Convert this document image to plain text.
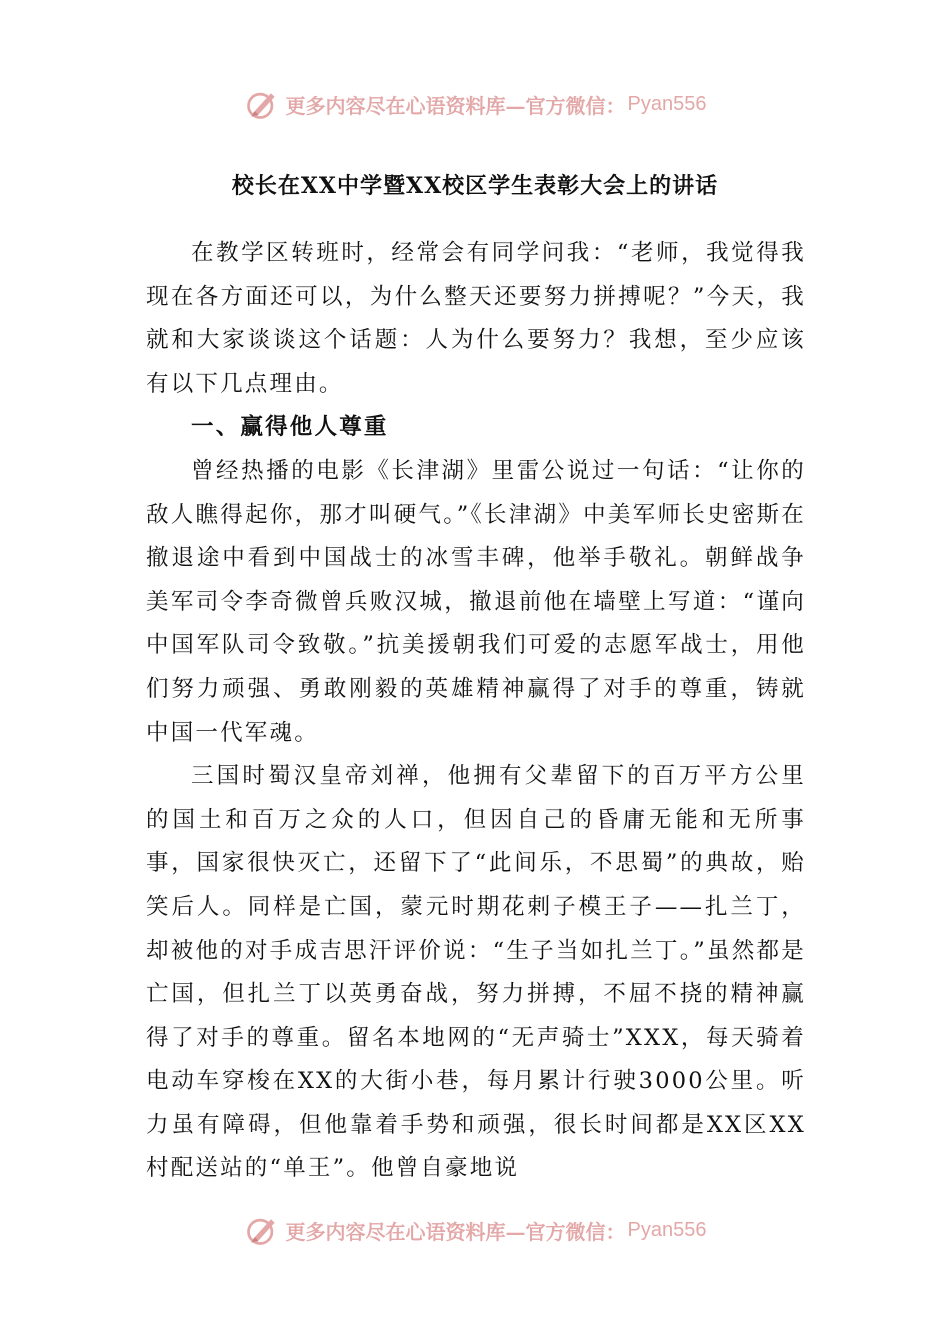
更多内容尽在心语资料库—官方微信： Pyan556
校长在XX中学暨XX校区学生表彰大会上的讲话

在教学区转班时，经常会有同学问我：“老师，我觉得我现在各方面还可以，为什么整天还要努力拼搏呢？”今天，我就和大家谈谈这个话题：人为什么要努力？我想，至少应该有以下几点理由。

一、赢得他人尊重

曾经热播的电影《长津湖》里雷公说过一句话：“让你的敌人瞧得起你，那才叫硬气。”《长津湖》中美军师长史密斯在撤退途中看到中国战士的冰雪丰碑，他举手敬礼。朝鲜战争美军司令李奇微曾兵败汉城，撤退前他在墙壁上写道：“谨向中国军队司令致敬。”抗美援朝我们可爱的志愿军战士，用他们努力顽强、勇敢刚毅的英雄精神赢得了对手的尊重，铸就中国一代军魂。

三国时蜀汉皇帝刘禅，他拥有父辈留下的百万平方公里的国土和百万之众的人口，但因自己的昏庸无能和无所事事，国家很快灭亡，还留下了“此间乐，不思蜀”的典故，贻笑后人。同样是亡国，蒙元时期花剌子模王子——扎兰丁，却被他的对手成吉思汗评价说：“生子当如扎兰丁。”虽然都是亡国，但扎兰丁以英勇奋战，努力拼搏，不屈不挠的精神赢得了对手的尊重。留名本地网的“无声骑士”XXX，每天骑着电动车穿梭在XX的大街小巷，每月累计行驶3000公里。听力虽有障碍，但他靠着手势和顽强，很长时间都是XX区XX村配送站的“单王”。他曾自豪地说

更多内容尽在心语资料库—官方微信： Pyan556
